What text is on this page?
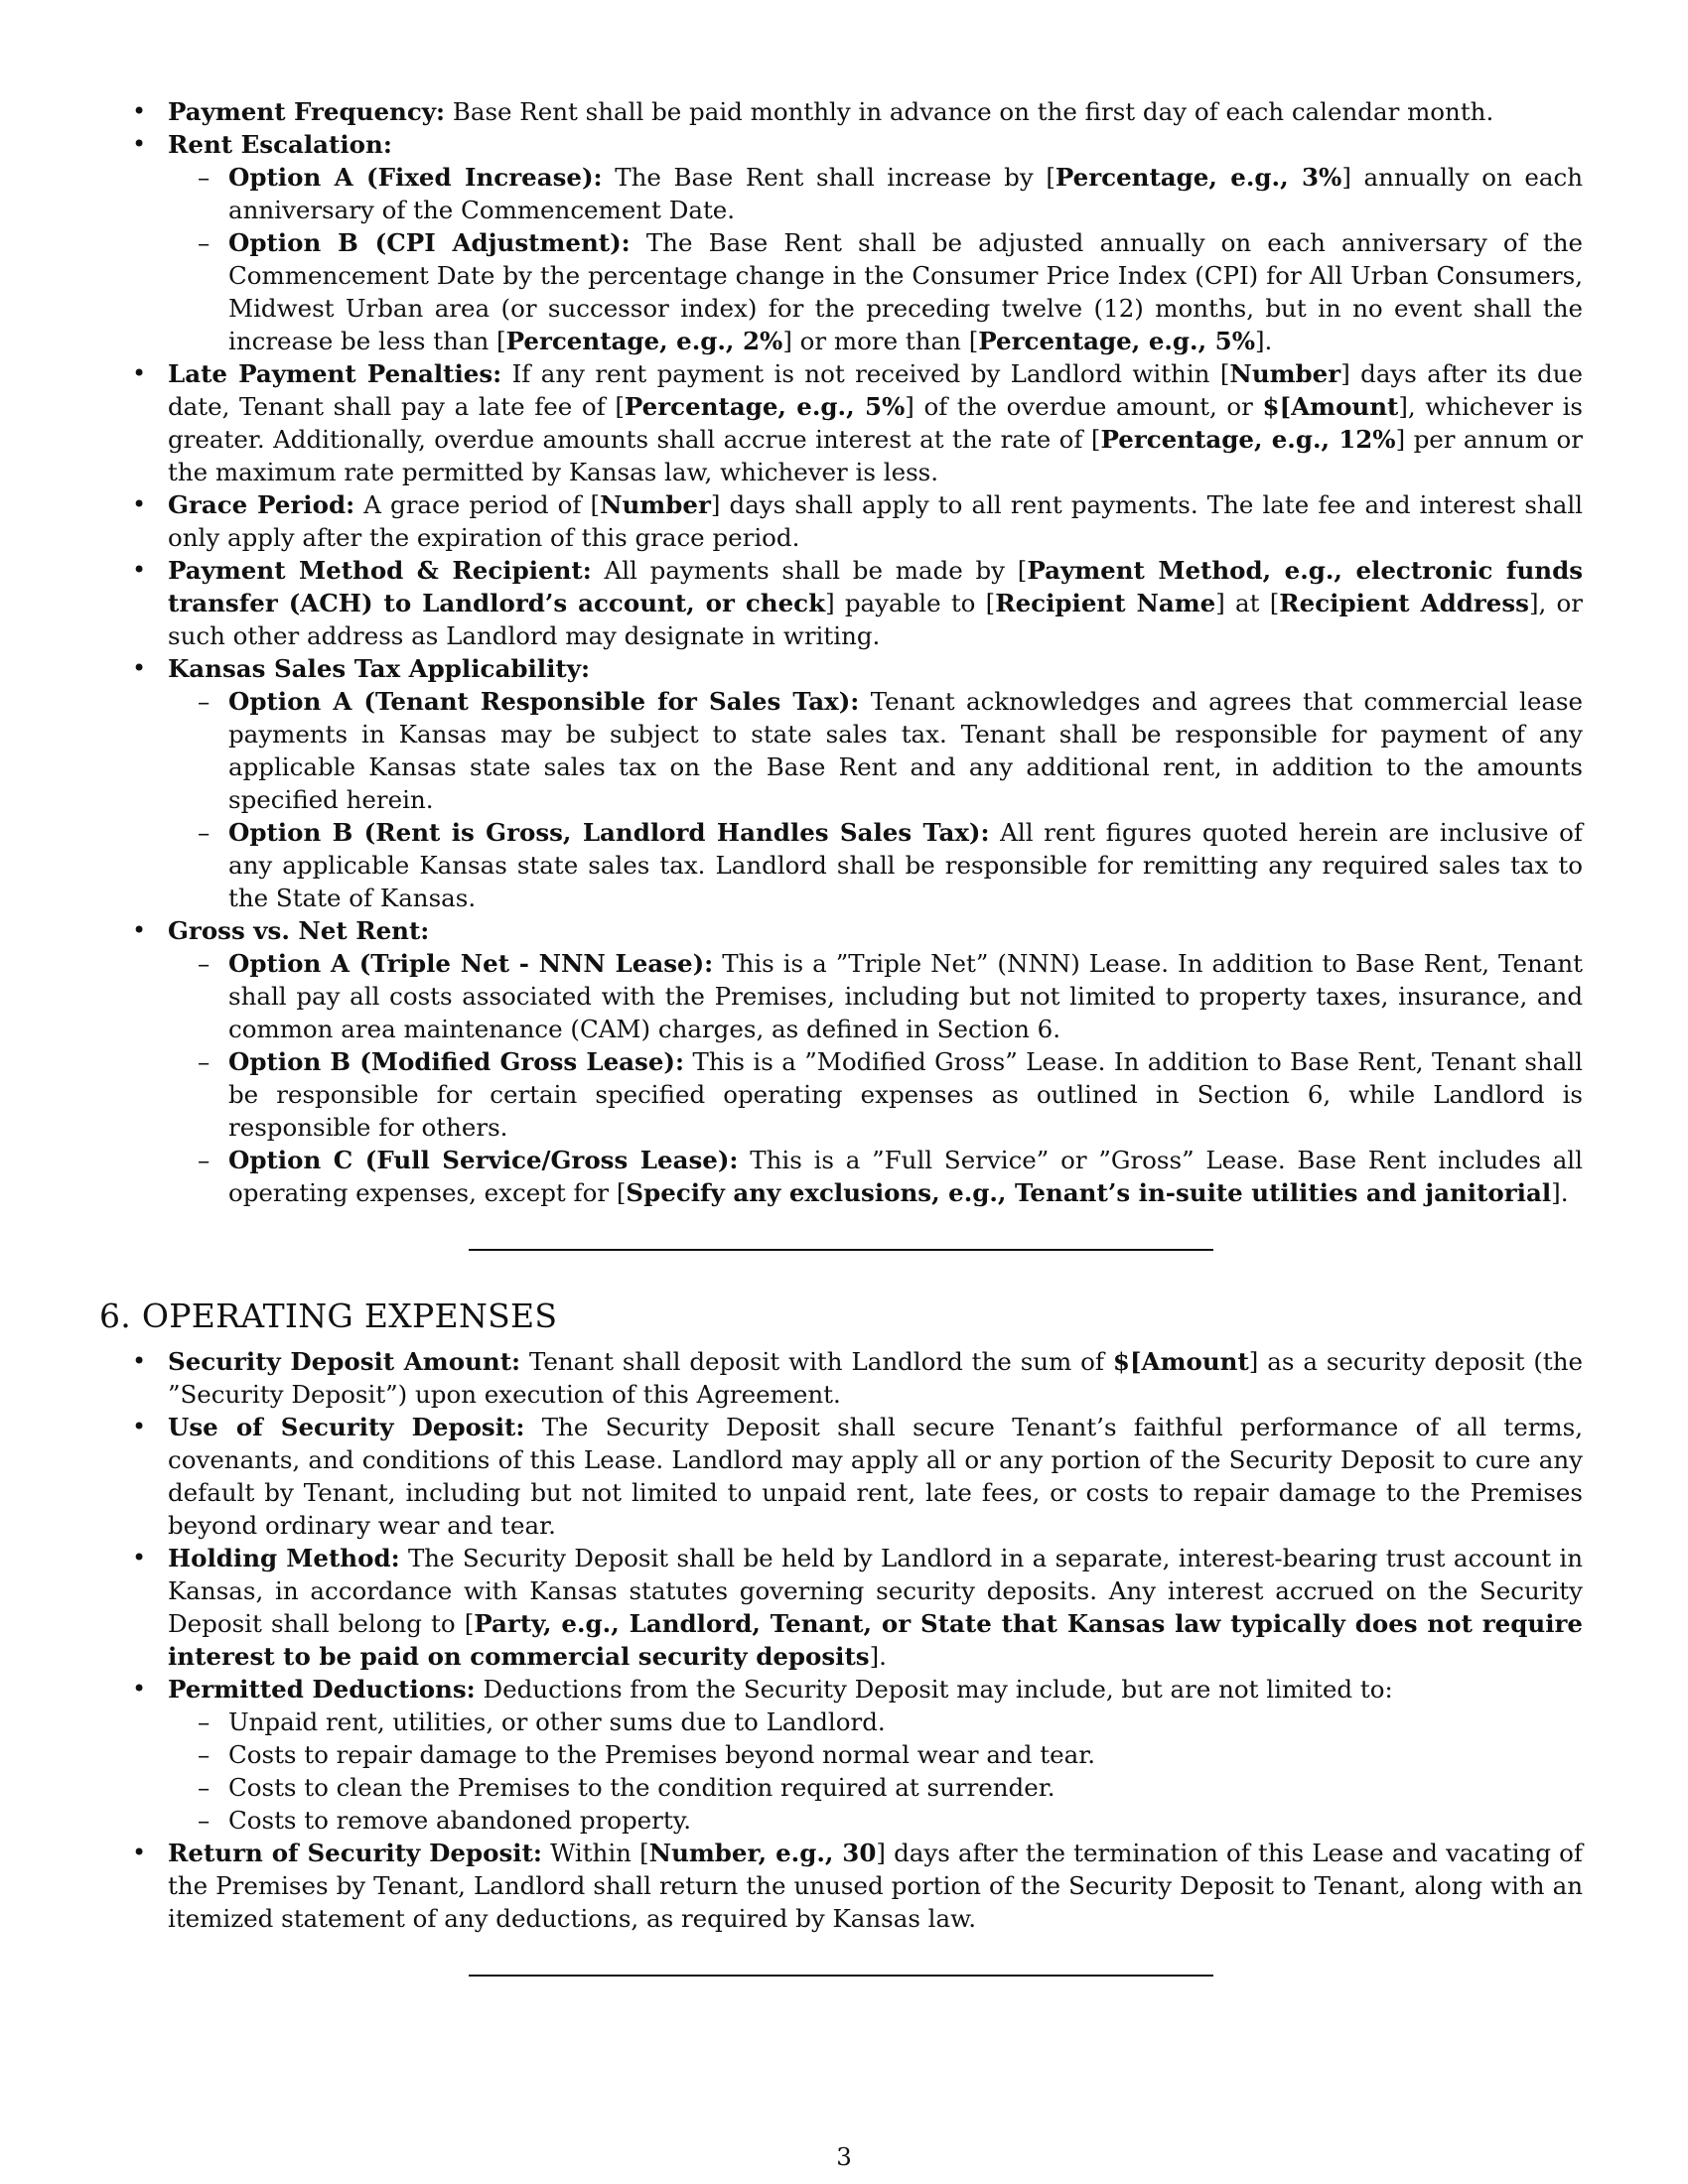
• Payment Frequency: Base Rent shall be paid monthly in advance on the first day of each calendar month.
• Rent Escalation:
– Option A (Fixed Increase): The Base Rent shall increase by [Percentage, e.g., 3%] annually on each anniversary of the Commencement Date.
– Option B (CPI Adjustment): The Base Rent shall be adjusted annually on each anniversary of the Commencement Date by the percentage change in the Consumer Price Index (CPI) for All Urban Consumers, Midwest Urban area (or successor index) for the preceding twelve (12) months, but in no event shall the increase be less than [Percentage, e.g., 2%] or more than [Percentage, e.g., 5%].
• Late Payment Penalties: If any rent payment is not received by Landlord within [Number] days after its due date, Tenant shall pay a late fee of [Percentage, e.g., 5%] of the overdue amount, or $[Amount], whichever is greater. Additionally, overdue amounts shall accrue interest at the rate of [Percentage, e.g., 12%] per annum or the maximum rate permitted by Kansas law, whichever is less.
• Grace Period: A grace period of [Number] days shall apply to all rent payments. The late fee and interest shall only apply after the expiration of this grace period.
• Payment Method & Recipient: All payments shall be made by [Payment Method, e.g., electronic funds transfer (ACH) to Landlord’s account, or check] payable to [Recipient Name] at [Recipient Address], or such other address as Landlord may designate in writing.
• Kansas Sales Tax Applicability:
– Option A (Tenant Responsible for Sales Tax): Tenant acknowledges and agrees that commercial lease payments in Kansas may be subject to state sales tax. Tenant shall be responsible for payment of any applicable Kansas state sales tax on the Base Rent and any additional rent, in addition to the amounts specified herein.
– Option B (Rent is Gross, Landlord Handles Sales Tax): All rent figures quoted herein are inclusive of any applicable Kansas state sales tax. Landlord shall be responsible for remitting any required sales tax to the State of Kansas.
• Gross vs. Net Rent:
– Option A (Triple Net - NNN Lease): This is a ”Triple Net” (NNN) Lease. In addition to Base Rent, Tenant shall pay all costs associated with the Premises, including but not limited to property taxes, insurance, and common area maintenance (CAM) charges, as defined in Section 6.
– Option B (Modified Gross Lease): This is a ”Modified Gross” Lease. In addition to Base Rent, Tenant shall be responsible for certain specified operating expenses as outlined in Section 6, while Landlord is responsible for others.
– Option C (Full Service/Gross Lease): This is a ”Full Service” or ”Gross” Lease. Base Rent includes all operating expenses, except for [Specify any exclusions, e.g., Tenant’s in-suite utilities and janitorial].
6. OPERATING EXPENSES
• Security Deposit Amount: Tenant shall deposit with Landlord the sum of $[Amount] as a security deposit (the ”Security Deposit”) upon execution of this Agreement.
• Use of Security Deposit: The Security Deposit shall secure Tenant’s faithful performance of all terms, covenants, and conditions of this Lease. Landlord may apply all or any portion of the Security Deposit to cure any default by Tenant, including but not limited to unpaid rent, late fees, or costs to repair damage to the Premises beyond ordinary wear and tear.
• Holding Method: The Security Deposit shall be held by Landlord in a separate, interest-bearing trust account in Kansas, in accordance with Kansas statutes governing security deposits. Any interest accrued on the Security Deposit shall belong to [Party, e.g., Landlord, Tenant, or State that Kansas law typically does not require interest to be paid on commercial security deposits].
• Permitted Deductions: Deductions from the Security Deposit may include, but are not limited to:
– Unpaid rent, utilities, or other sums due to Landlord.
– Costs to repair damage to the Premises beyond normal wear and tear.
– Costs to clean the Premises to the condition required at surrender.
– Costs to remove abandoned property.
• Return of Security Deposit: Within [Number, e.g., 30] days after the termination of this Lease and vacating of the Premises by Tenant, Landlord shall return the unused portion of the Security Deposit to Tenant, along with an itemized statement of any deductions, as required by Kansas law.
3
